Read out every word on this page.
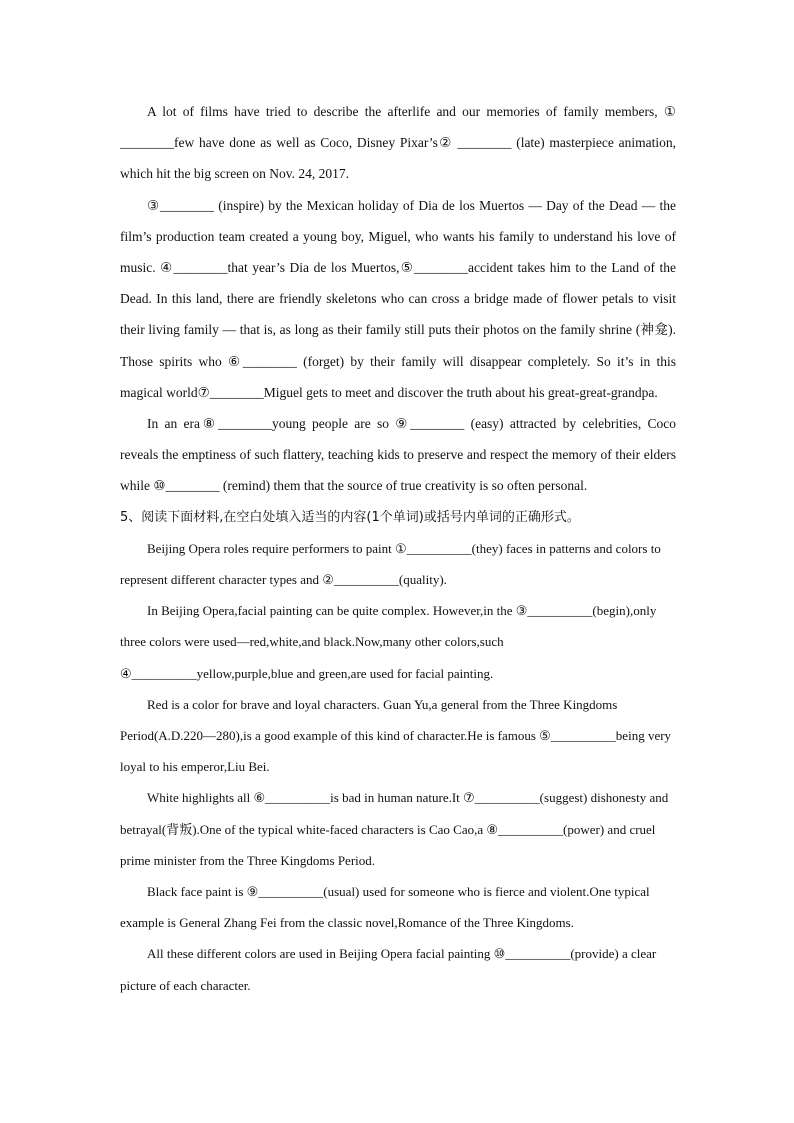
A lot of films have tried to describe the afterlife and our memories of family members, ① ________few have done as well as Coco, Disney Pixar’s② ________ (late) masterpiece animation, which hit the big screen on Nov. 24, 2017.

③________ (inspire) by the Mexican holiday of Dia de los Muertos — Day of the Dead — the film’s production team created a young boy, Miguel, who wants his family to understand his love of music. ④________that year’s Dia de los Muertos,⑤________accident takes him to the Land of the Dead. In this land, there are friendly skeletons who can cross a bridge made of flower petals to visit their living family — that is, as long as their family still puts their photos on the family shrine (神龛). Those spirits who ⑥________ (forget) by their family will disappear completely. So it’s in this magical world⑦________Miguel gets to meet and discover the truth about his great-great-grandpa.

In an era⑧________young people are so ⑨________ (easy) attracted by celebrities, Coco reveals the emptiness of such flattery, teaching kids to preserve and respect the memory of their elders while ⑩________ (remind) them that the source of true creativity is so often personal.

5、阅读下面材料,在空白处填入适当的内容(1个单词)或括号内单词的正确形式。

Beijing Opera roles require performers to paint ①__________(they) faces in patterns and colors to represent different character types and ②__________(quality).

In Beijing Opera,facial painting can be quite complex. However,in the ③__________(begin),only three colors were used—red,white,and black.Now,many other colors,such ④__________yellow,purple,blue and green,are used for facial painting.

Red is a color for brave and loyal characters. Guan Yu,a general from the Three Kingdoms Period(A.D.220—280),is a good example of this kind of character.He is famous ⑤__________being very loyal to his emperor,Liu Bei.

White highlights all ⑥__________is bad in human nature.It ⑦__________(suggest) dishonesty and betrayal(背叛).One of the typical white-faced characters is Cao Cao,a ⑧__________(power) and cruel prime minister from the Three Kingdoms Period.

Black face paint is ⑨__________(usual) used for someone who is fierce and violent.One typical example is General Zhang Fei from the classic novel,Romance of the Three Kingdoms.

All these different colors are used in Beijing Opera facial painting ⑩__________(provide) a clear picture of each character.
